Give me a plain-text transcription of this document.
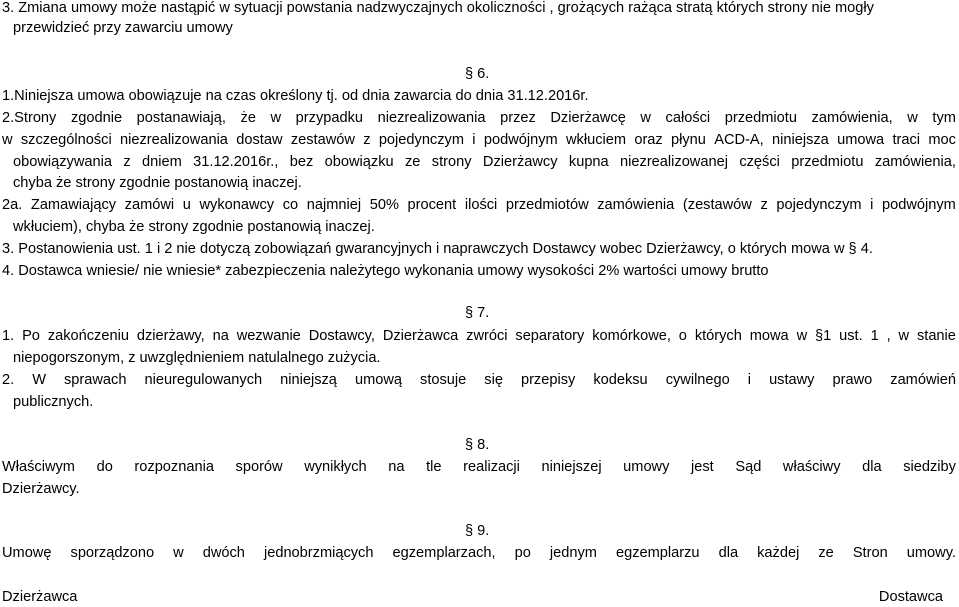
3. Zmiana umowy może nastąpić w sytuacji powstania nadzwyczajnych okoliczności , grożących rażąca stratą których strony nie mogły
przewidzieć przy zawarciu umowy
§ 6.
1.Niniejsza umowa obowiązuje na czas określony tj. od dnia zawarcia do dnia 31.12.2016r.
2.Strony zgodnie postanawiają, że w przypadku niezrealizowania przez Dzierżawcę w całości przedmiotu zamówienia, w tym
w szczególności niezrealizowania dostaw zestawów z pojedynczym i podwójnym wkłuciem oraz płynu ACD-A, niniejsza umowa traci moc
obowiązywania z dniem 31.12.2016r., bez obowiązku ze strony Dzierżawcy kupna niezrealizowanej części przedmiotu zamówienia,
chyba że strony zgodnie postanowią inaczej.
2a. Zamawiający zamówi u wykonawcy co najmniej 50% procent ilości przedmiotów zamówienia (zestawów z pojedynczym i podwójnym
wkłuciem), chyba że strony zgodnie postanowią inaczej.
3. Postanowienia ust. 1 i 2 nie dotyczą zobowiązań gwarancyjnych i naprawczych Dostawcy wobec Dzierżawcy, o których mowa w § 4.
4. Dostawca wniesie/ nie wniesie* zabezpieczenia należytego wykonania umowy wysokości 2% wartości umowy brutto
§ 7.
1. Po zakończeniu dzierżawy, na wezwanie Dostawcy, Dzierżawca zwróci separatory komórkowe, o których mowa w §1 ust. 1 , w stanie
niepogorszonym, z uwzględnieniem natulalnego zużycia.
2. W sprawach nieuregulowanych niniejszą umową stosuje się przepisy kodeksu cywilnego i ustawy prawo zamówień
publicznych.
§ 8.
Właściwym do rozpoznania sporów wynikłych na tle realizacji niniejszej umowy jest Sąd właściwy dla siedziby
Dzierżawcy.
§ 9.
Umowę sporządzono w dwóch jednobrzmiących egzemplarzach, po jednym egzemplarzu dla każdej ze Stron umowy.
Dzierżawca	Dostawca
